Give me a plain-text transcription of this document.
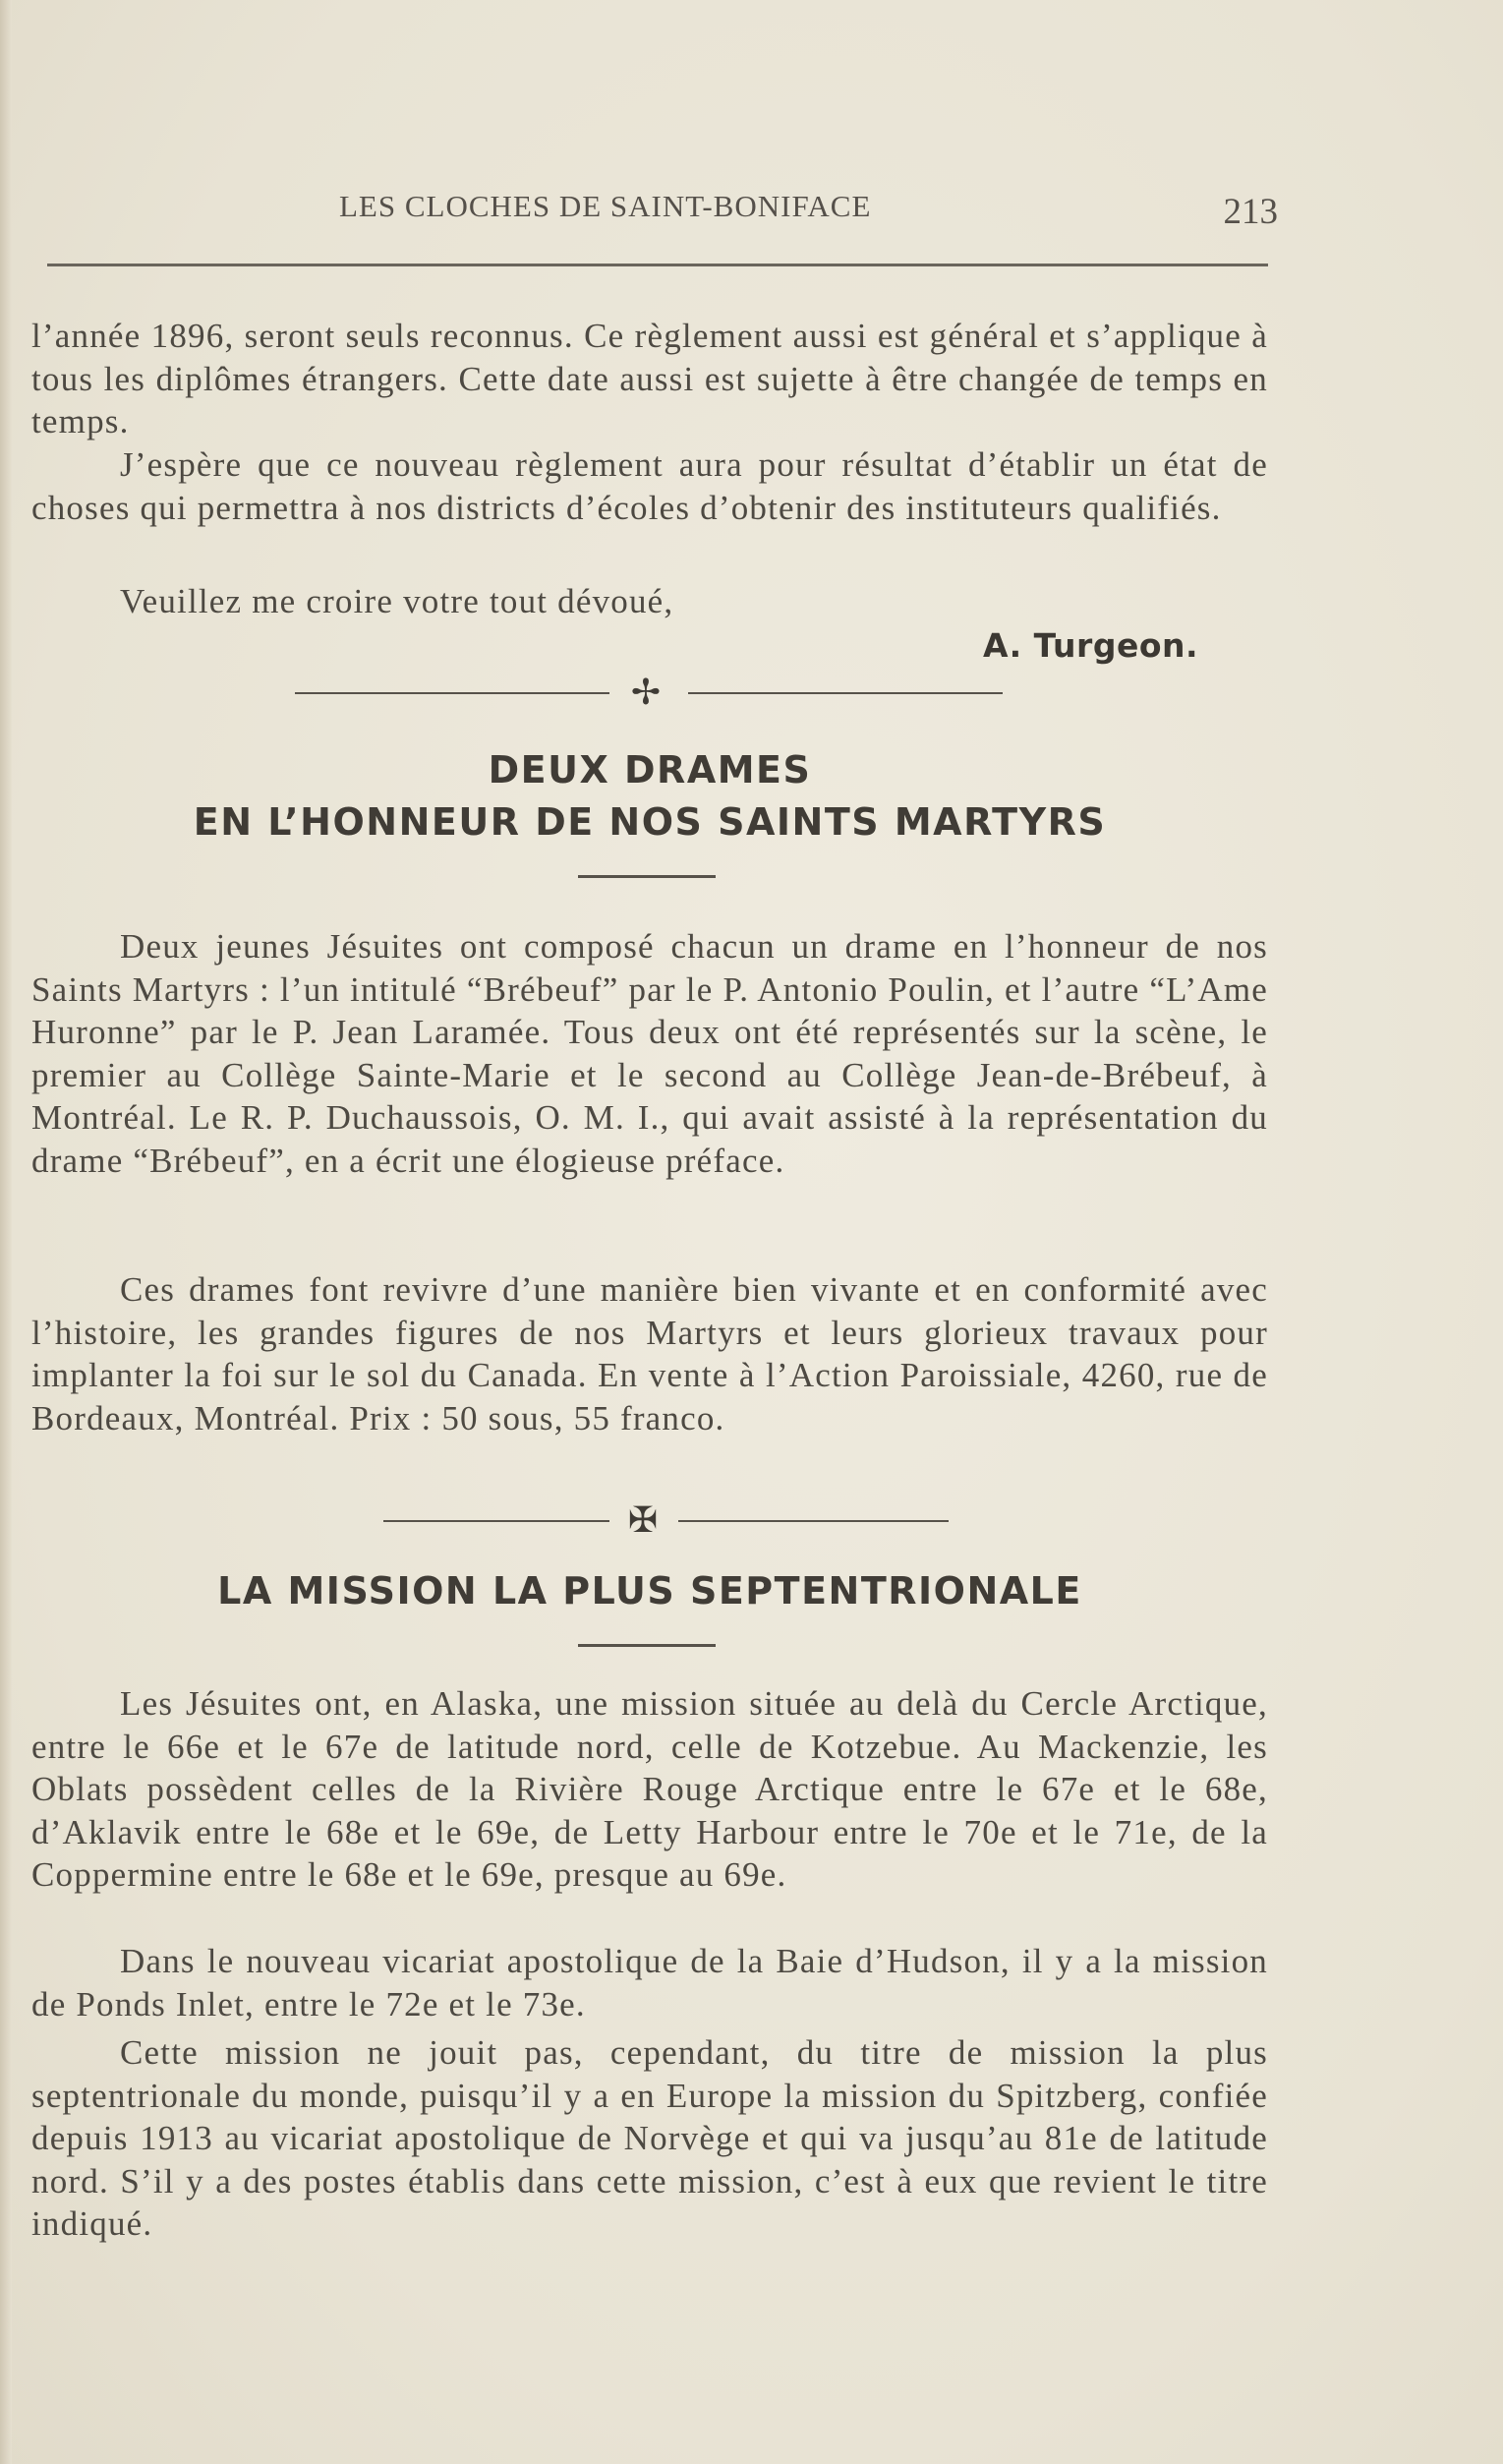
LES CLOCHES DE SAINT-BONIFACE	213

l’année 1896, seront seuls reconnus. Ce règlement aussi est général et s’applique à tous les diplômes étrangers. Cette date aussi est sujette à être changée de temps en temps.

J’espère que ce nouveau règlement aura pour résultat d’établir un état de choses qui permettra à nos districts d’écoles d’obtenir des instituteurs qualifiés.

Veuillez me croire votre tout dévoué,

A. Turgeon.
✢
DEUX DRAMES
EN L’HONNEUR DE NOS SAINTS MARTYRS

Deux jeunes Jésuites ont composé chacun un drame en l’honneur de nos Saints Martyrs : l’un intitulé “Brébeuf” par le P. Antonio Poulin, et l’autre “L’Ame Huronne” par le P. Jean Laramée. Tous deux ont été représentés sur la scène, le premier au Collège Sainte-Marie et le second au Collège Jean-de-Brébeuf, à Montréal. Le R. P. Duchaussois, O. M. I., qui avait assisté à la représentation du drame “Brébeuf”, en a écrit une élogieuse préface.

Ces drames font revivre d’une manière bien vivante et en conformité avec l’histoire, les grandes figures de nos Martyrs et leurs glorieux travaux pour implanter la foi sur le sol du Canada. En vente à l’Action Paroissiale, 4260, rue de Bordeaux, Montréal. Prix : 50 sous, 55 franco.

✠
LA MISSION LA PLUS SEPTENTRIONALE

Les Jésuites ont, en Alaska, une mission située au delà du Cercle Arctique, entre le 66e et le 67e de latitude nord, celle de Kotzebue. Au Mackenzie, les Oblats possèdent celles de la Rivière Rouge Arctique entre le 67e et le 68e, d’Aklavik entre le 68e et le 69e, de Letty Harbour entre le 70e et le 71e, de la Coppermine entre le 68e et le 69e, presque au 69e.

Dans le nouveau vicariat apostolique de la Baie d’Hudson, il y a la mission de Ponds Inlet, entre le 72e et le 73e.

Cette mission ne jouit pas, cependant, du titre de mission la plus septentrionale du monde, puisqu’il y a en Europe la mission du Spitzberg, confiée depuis 1913 au vicariat apostolique de Norvège et qui va jusqu’au 81e de latitude nord. S’il y a des postes établis dans cette mission, c’est à eux que revient le titre indiqué.
